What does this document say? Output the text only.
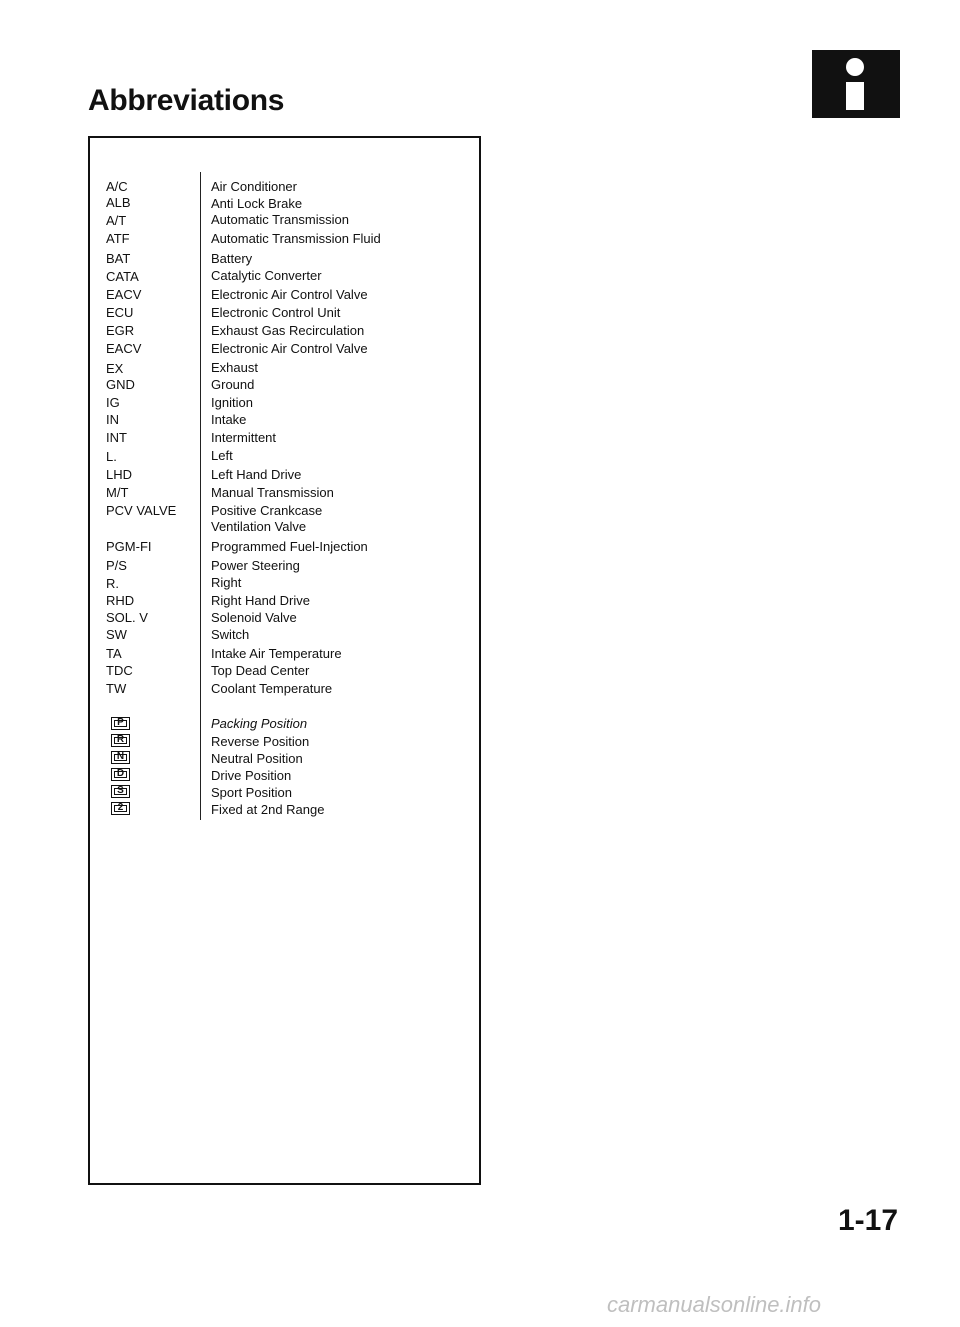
Abbreviations
A/C
ALB
A/T
ATF
BAT
CATA
EACV
ECU
EGR
EACV
EX
GND
IG
IN
INT
L.
LHD
M/T
PCV VALVE
PGM-FI
P/S
R.
RHD
SOL. V
SW
TA
TDC
TW
Air Conditioner
Anti Lock Brake
Automatic Transmission
Automatic Transmission Fluid
Battery
Catalytic Converter
Electronic Air Control Valve
Electronic Control Unit
Exhaust Gas Recirculation
Electronic Air Control Valve
Exhaust
Ground
Ignition
Intake
Intermittent
Left
Left Hand Drive
Manual Transmission
Positive Crankcase
Ventilation Valve
Programmed Fuel-Injection
Power Steering
Right
Right Hand Drive
Solenoid Valve
Switch
Intake Air Temperature
Top Dead Center
Coolant Temperature
P
R
N
D
S
2
Packing Position
Reverse Position
Neutral Position
Drive Position
Sport Position
Fixed at 2nd Range
1-17
carmanualsonline.info
